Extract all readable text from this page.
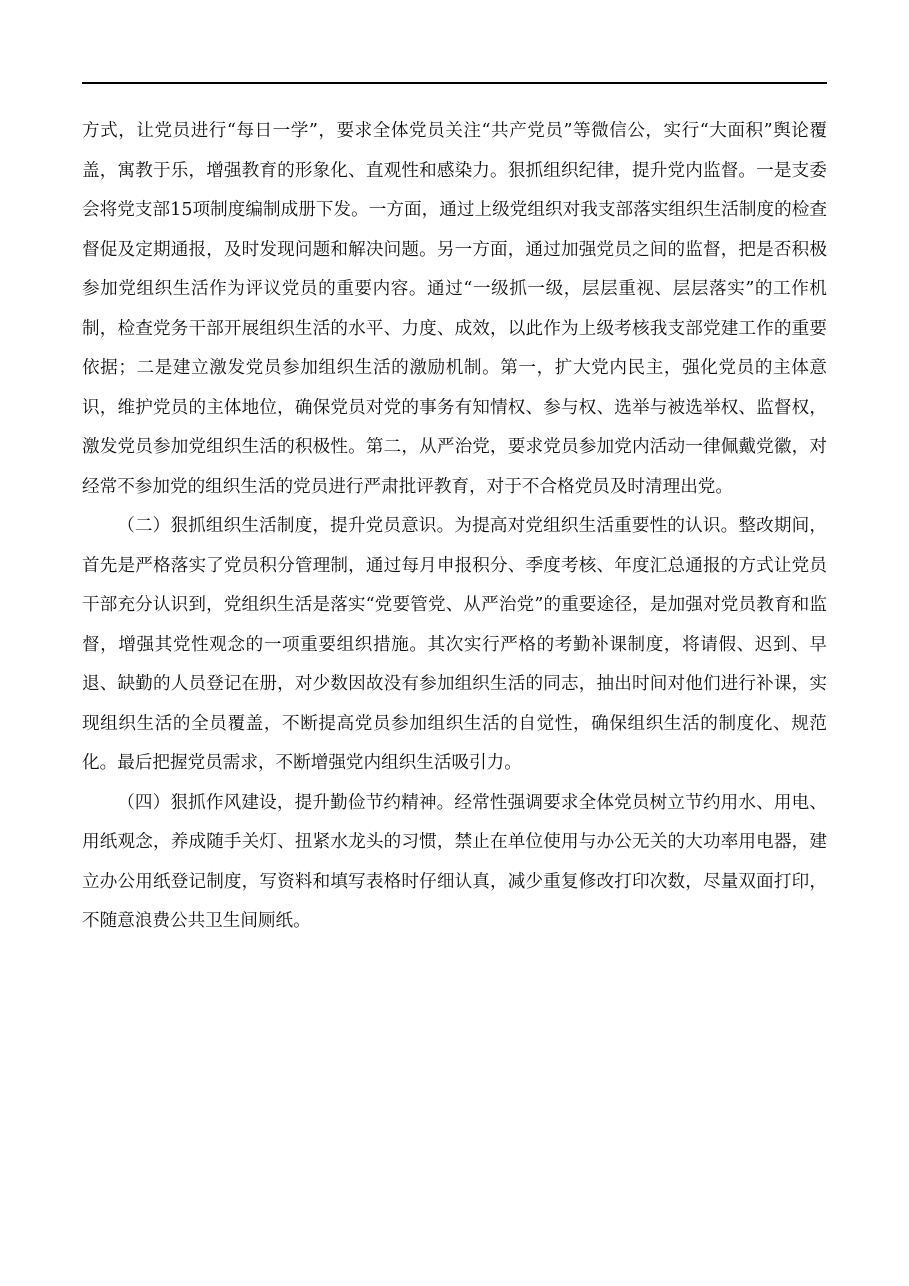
方式，让党员进行“每日一学”，要求全体党员关注“共产党员”等微信公，实行“大面积”舆论覆盖，寓教于乐，增强教育的形象化、直观性和感染力。狠抓组织纪律，提升党内监督。一是支委会将党支部15项制度编制成册下发。一方面，通过上级党组织对我支部落实组织生活制度的检查督促及定期通报，及时发现问题和解决问题。另一方面，通过加强党员之间的监督，把是否积极参加党组织生活作为评议党员的重要内容。通过“一级抓一级，层层重视、层层落实”的工作机制，检查党务干部开展组织生活的水平、力度、成效，以此作为上级考核我支部党建工作的重要依据；二是建立激发党员参加组织生活的激励机制。第一，扩大党内民主，强化党员的主体意识，维护党员的主体地位，确保党员对党的事务有知情权、参与权、选举与被选举权、监督权，激发党员参加党组织生活的积极性。第二，从严治党，要求党员参加党内活动一律佩戴党徽，对经常不参加党的组织生活的党员进行严肃批评教育，对于不合格党员及时清理出党。

（二）狠抓组织生活制度，提升党员意识。为提高对党组织生活重要性的认识。整改期间，首先是严格落实了党员积分管理制，通过每月申报积分、季度考核、年度汇总通报的方式让党员干部充分认识到，党组织生活是落实“党要管党、从严治党”的重要途径，是加强对党员教育和监督，增强其党性观念的一项重要组织措施。其次实行严格的考勤补课制度，将请假、迟到、早退、缺勤的人员登记在册，对少数因故没有参加组织生活的同志，抽出时间对他们进行补课，实现组织生活的全员覆盖，不断提高党员参加组织生活的自觉性，确保组织生活的制度化、规范化。最后把握党员需求，不断增强党内组织生活吸引力。

（四）狠抓作风建设，提升勤俭节约精神。经常性强调要求全体党员树立节约用水、用电、用纸观念，养成随手关灯、扭紧水龙头的习惯，禁止在单位使用与办公无关的大功率用电器，建立办公用纸登记制度，写资料和填写表格时仔细认真，减少重复修改打印次数，尽量双面打印，不随意浪费公共卫生间厕纸。
